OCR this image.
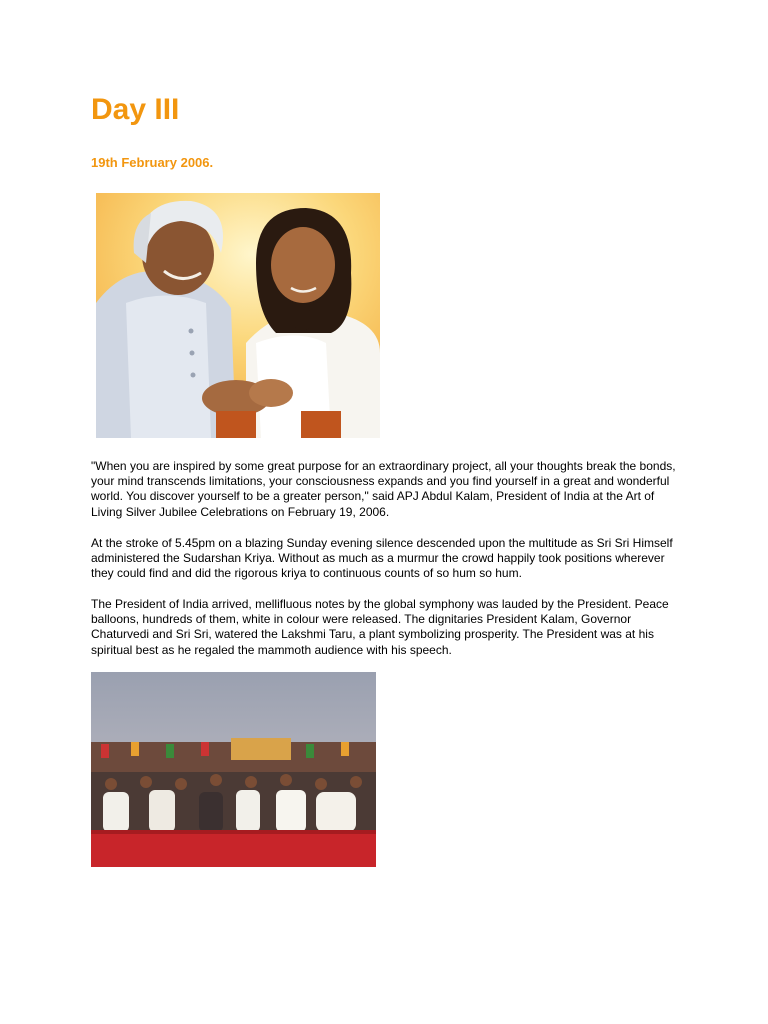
Day III
19th February 2006.

"When you are inspired by some great purpose for an extraordinary project, all your thoughts break the bonds, your mind transcends limitations, your consciousness expands and you find yourself in a great and wonderful world. You discover yourself to be a greater person," said APJ Abdul Kalam, President of India at the Art of Living Silver Jubilee Celebrations on February 19, 2006.

At the stroke of 5.45pm on a blazing Sunday evening silence descended upon the multitude as Sri Sri Himself administered the Sudarshan Kriya. Without as much as a murmur the crowd happily took positions wherever they could find and did the rigorous kriya to continuous counts of so hum so hum.

The President of India arrived, mellifluous notes by the global symphony was lauded by the President. Peace balloons, hundreds of them, white in colour were released. The dignitaries President Kalam, Governor Chaturvedi and Sri Sri, watered the Lakshmi Taru, a plant symbolizing prosperity. The President was at his spiritual best as he regaled the mammoth audience with his speech.
